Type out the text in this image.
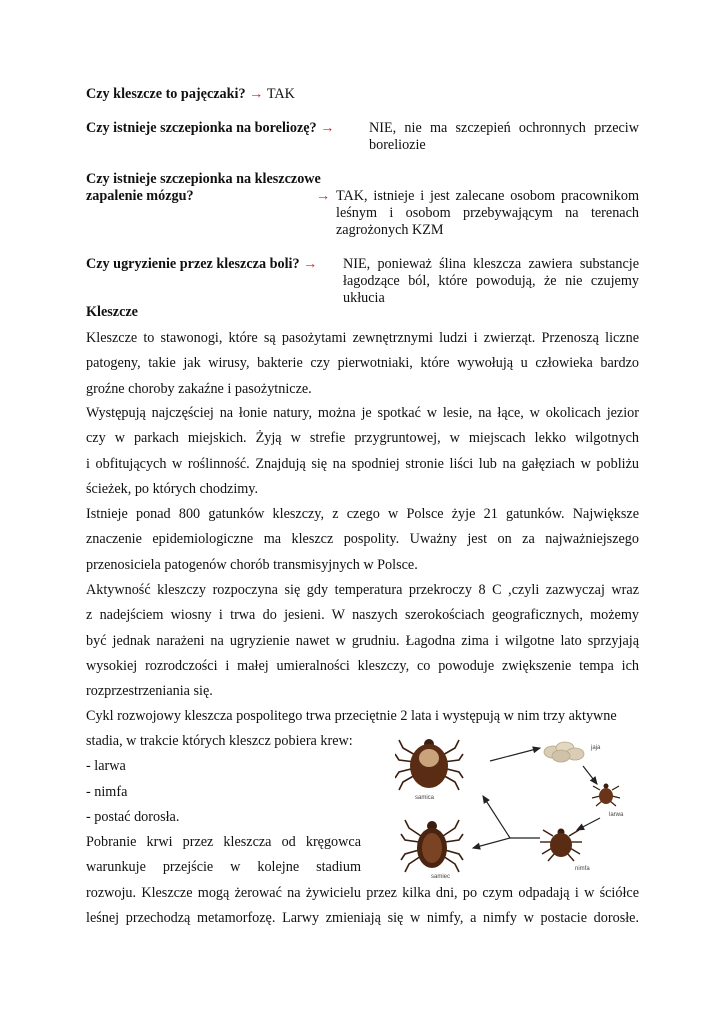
Czy kleszcze to pajęczaki? → TAK
Czy istnieje szczepionka na boreliozę? → NIE, nie ma szczepień ochronnych przeciw
boreliozie
Czy istnieje szczepionka na kleszczowe
zapalenie mózgu?	→ TAK, istnieje i jest zalecane osobom pracownikom
leśnym i osobom przebywającym na terenach
zagrożonych KZM
Czy ugryzienie przez kleszcza boli? → NIE, ponieważ ślina kleszcza zawiera substancje
łagodzące ból, które powodują, że nie czujemy
ukłucia
Kleszcze
Kleszcze to stawonogi, które są pasożytami zewnętrznymi ludzi i zwierząt. Przenoszą liczne
patogeny, takie jak wirusy, bakterie czy pierwotniaki, które wywołują u człowieka bardzo
groźne choroby zakaźne i pasożytnicze.
Występują najczęściej na łonie natury, można je spotkać w lesie, na łące, w okolicach jezior
czy w parkach miejskich. Żyją w strefie przygruntowej, w miejscach lekko wilgotnych
i obfitujących w roślinność. Znajdują się na spodniej stronie liści lub na gałęziach w pobliżu
ścieżek, po których chodzimy.
Istnieje ponad 800 gatunków kleszczy, z czego w Polsce żyje 21 gatunków. Największe
znaczenie epidemiologiczne ma kleszcz pospolity. Uważny jest on za najważniejszego
przenosiciela patogenów chorób transmisyjnych w Polsce.
Aktywność kleszczy rozpoczyna się gdy temperatura przekroczy 8 C ,czyli zazwyczaj wraz
z nadejściem wiosny i trwa do jesieni. W naszych szerokościach geograficznych, możemy
być jednak narażeni na ugryzienie nawet w grudniu. Łagodna zima i wilgotne lato sprzyjają
wysokiej rozrodczości i małej umieralności kleszczy, co powoduje zwiększenie tempa ich
rozprzestrzeniania się.
Cykl rozwojowy kleszcza pospolitego trwa przeciętnie 2 lata i występują w nim trzy aktywne
stadia, w trakcie których kleszcz pobiera krew:
- larwa
- nimfa
- postać dorosła.
Pobranie krwi przez kleszcza od kręgowca
warunkuje przejście w kolejne stadium
rozwoju. Kleszcze mogą żerować na żywicielu przez kilka dni, po czym odpadają i w ściółce
leśnej przechodzą metamorfozę. Larwy zmieniają się w nimfy, a nimfy w postacie dorosłe.
samica
jaja
larwa
nimfa
samiec
